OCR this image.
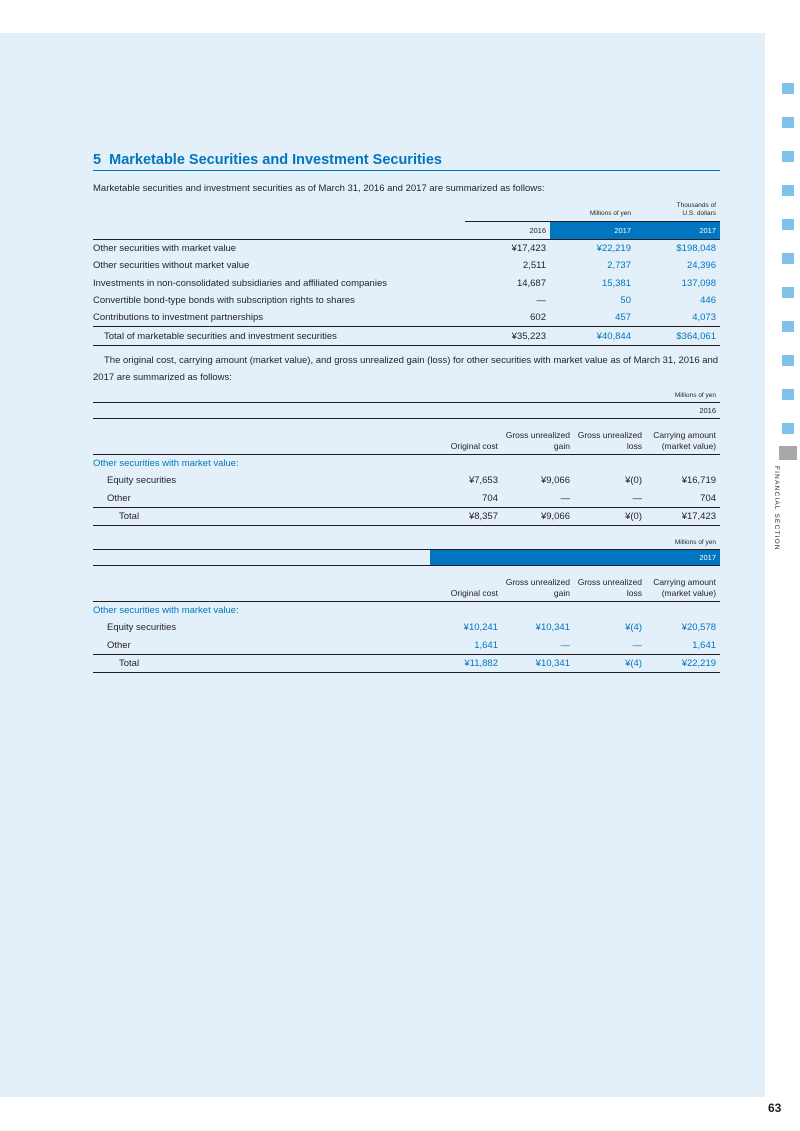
FINANCIAL SECTION
5 Marketable Securities and Investment Securities
Marketable securities and investment securities as of March 31, 2016 and 2017 are summarized as follows:
	Millions of yen		Thousands of
U.S. dollars
	2016	2017	2017
Other securities with market value	¥17,423	¥22,219	$198,048
Other securities without market value	2,511	2,737	24,396
Investments in non-consolidated subsidiaries and affiliated companies	14,687	15,381	137,098
Convertible bond-type bonds with subscription rights to shares	—	50	446
Contributions to investment partnerships	602	457	4,073
Total of marketable securities and investment securities	¥35,223	¥40,844	$364,061
The original cost, carrying amount (market value), and gross unrealized gain (loss) for other securities with market value as of March 31, 2016 and 2017 are summarized as follows:
Millions of yen				
2016				
	Original cost	Gross unrealized gain	Gross unrealized loss	Carrying amount (market value)
Other securities with market value:				
Equity securities	¥7,653	¥9,066	¥(0)	¥16,719
Other	704	—	—	704
Total	¥8,357	¥9,066	¥(0)	¥17,423
Millions of yen				
	2017			
	Original cost	Gross unrealized gain	Gross unrealized loss	Carrying amount (market value)
Other securities with market value:				
Equity securities	¥10,241	¥10,341	¥(4)	¥20,578
Other	1,641	—	—	1,641
Total	¥11,882	¥10,341	¥(4)	¥22,219
63
